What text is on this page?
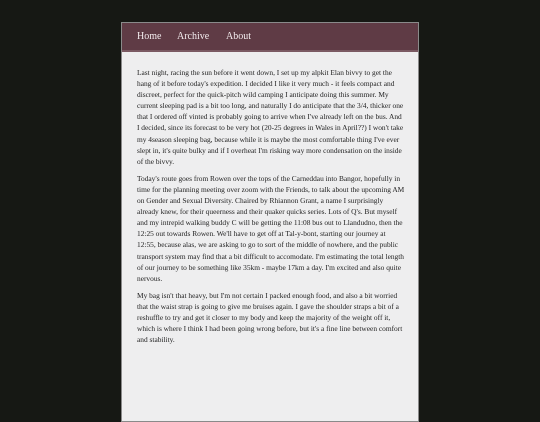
Home Archive About

Last night, racing the sun before it went down, I set up my alpkit Elan bivvy to get the hang of it before today's expedition. I decided I like it very much - it feels compact and discreet, perfect for the quick-pitch wild camping I anticipate doing this summer. My current sleeping pad is a bit too long, and naturally I do anticipate that the 3/4, thicker one that I ordered off vinted is probably going to arrive when I've already left on the bus. And I decided, since its forecast to be very hot (20-25 degrees in Wales in April??) I won't take my 4season sleeping bag, because while it is maybe the most comfortable thing I've ever slept in, it's quite bulky and if I overheat I'm risking way more condensation on the inside of the bivvy.

Today's route goes from Rowen over the tops of the Carneddau into Bangor, hopefully in time for the planning meeting over zoom with the Friends, to talk about the upcoming AM on Gender and Sexual Diversity. Chaired by Rhiannon Grant, a name I surprisingly already knew, for their queerness and their quaker quicks series. Lots of Q's. But myself and my intrepid walking buddy C will be getting the 11:08 bus out to Llandudno, then the 12:25 out towards Rowen. We'll have to get off at Tal-y-bont, starting our journey at 12:55, because alas, we are asking to go to sort of the middle of nowhere, and the public transport system may find that a bit difficult to accomodate. I'm estimating the total length of our journey to be something like 35km - maybe 17km a day. I'm excited and also quite nervous.

My bag isn't that heavy, but I'm not certain I packed enough food, and also a bit worried that the waist strap is going to give me bruises again. I gave the shoulder straps a bit of a reshuffle to try and get it closer to my body and keep the majority of the weight off it, which is where I think I had been going wrong before, but it's a fine line between comfort and stability.
